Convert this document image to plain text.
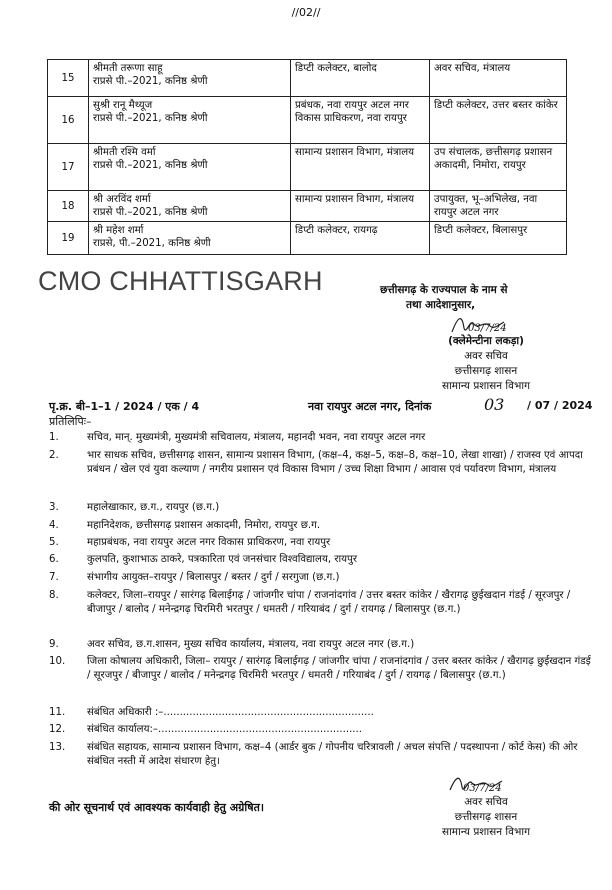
//02//
15	श्रीमती तरूणा साहू
राप्रसे पी.–2021, कनिष्ठ श्रेणी	डिप्टी कलेक्टर, बालोद	अवर सचिव, मंत्रालय
16	सुश्री रानू मैथ्यूज
राप्रसे पी.–2021, कनिष्ठ श्रेणी	प्रबंधक, नवा रायपुर अटल नगर विकास प्राधिकरण, नवा रायपुर	डिप्टी कलेक्टर, उत्तर बस्तर कांकेर
17	श्रीमती रश्मि वर्मा
राप्रसे पी.–2021, कनिष्ठ श्रेणी	सामान्य प्रशासन विभाग, मंत्रालय	उप संचालक, छत्तीसगढ़ प्रशासन अकादमी, निमोरा, रायपुर
18	श्री अरविंद शर्मा
राप्रसे पी.–2021, कनिष्ठ श्रेणी	सामान्य प्रशासन विभाग, मंत्रालय	उपायुक्त, भू–अभिलेख, नवा रायपुर अटल नगर
19	श्री महेश शर्मा
राप्रसे, पी.–2021, कनिष्ठ श्रेणी	डिप्टी कलेक्टर, रायगढ़	डिप्टी कलेक्टर, बिलासपुर
CMO CHHATTISGARH	छत्तीसगढ़ के राज्यपाल के नाम से
तथा आदेशानुसार,
03/7/24
(क्लेमेन्टीना लकड़ा)
अवर सचिव
छत्तीसगढ़ शासन
सामान्य प्रशासन विभाग
पृ.क्र. बी–1–1 / 2024 / एक / 4	नवा रायपुर अटल नगर, दिनांक	03 / 07 / 2024
प्रतिलिपिः–
1.	सचिव, मान्. मुख्यमंत्री, मुख्यमंत्री सचिवालय, मंत्रालय, महानदी भवन, नवा रायपुर अटल नगर
2.	भार साधक सचिव, छत्तीसगढ़ शासन, सामान्य प्रशासन विभाग, (कक्ष–4, कक्ष–5, कक्ष–8, कक्ष–10, लेखा शाखा) / राजस्व एवं आपदा प्रबंधन / खेल एवं युवा कल्याण / नगरीय प्रशासन एवं विकास विभाग / उच्च शिक्षा विभाग / आवास एवं पर्यावरण विभाग, मंत्रालय
3.	महालेखाकार, छ.ग., रायपुर (छ.ग.)
4.	महानिदेशक, छत्तीसगढ़ प्रशासन अकादमी, निमोरा, रायपुर छ.ग.
5.	महाप्रबंधक, नवा रायपुर अटल नगर विकास प्राधिकरण, नवा रायपुर
6.	कुलपति, कुशाभाऊ ठाकरे, पत्रकारिता एवं जनसंचार विश्वविद्यालय, रायपुर
7.	संभागीय आयुक्त–रायपुर / बिलासपुर / बस्तर / दुर्ग / सरगुजा (छ.ग.)
8.	कलेक्टर, जिला–रायपुर / सारंगढ़ बिलाईगढ़ / जांजगीर चांपा / राजनांदगांव / उत्तर बस्तर कांकेर / खैरागढ़ छुईखदान गंडई / सूरजपुर / बीजापुर / बालोद / मनेन्द्रगढ़ चिरमिरी भरतपुर / धमतरी / गरियाबंद / दुर्ग / रायगढ़ / बिलासपुर (छ.ग.)
9.	अवर सचिव, छ.ग.शासन, मुख्य सचिव कार्यालय, मंत्रालय, नवा रायपुर अटल नगर (छ.ग.)
10.	जिला कोषालय अधिकारी, जिला– रायपुर / सारंगढ़ बिलाईगढ़ / जांजगीर चांपा / राजनांदगांव / उत्तर बस्तर कांकेर / खैरागढ़ छुईखदान गंडई / सूरजपुर / बीजापुर / बालोद / मनेन्द्रगढ़ चिरमिरी भरतपुर / धमतरी / गरियाबंद / दुर्ग / रायगढ़ / बिलासपुर (छ.ग.)
11.	संबंधित अधिकारी :–.................................................................
12.	संबंधित कार्यालय:–...............................................................
13.	संबंधित सहायक, सामान्य प्रशासन विभाग, कक्ष–4 (आर्डर बुक / गोपनीय चरित्रावली / अचल संपत्ति / पदस्थापना / कोर्ट केस) की ओर संबंधित नस्ती में आदेश संधारण हेतु।
की ओर सूचनार्थ एवं आवश्यक कार्यवाही हेतु अग्रेषित।
03/7/24
अवर सचिव
छत्तीसगढ़ शासन
सामान्य प्रशासन विभाग
